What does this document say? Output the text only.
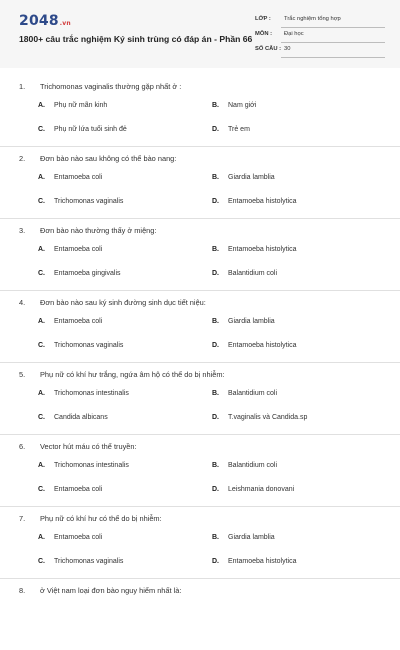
2048.vn
1800+ câu trắc nghiệm Ký sinh trùng có đáp án - Phần 66
LỚP : Trắc nghiệm tổng hợp
MÔN : Đại học
SỐ CÂU : 30
1. Trichomonas vaginalis thường gặp nhất ở :
A. Phụ nữ mãn kinh	B. Nam giới
C. Phụ nữ lứa tuổi sinh đẻ	D. Trẻ em
2. Đơn bào nào sau không có thể bào nang:
A. Entamoeba coli	B. Giardia lamblia
C. Trichomonas vaginalis	D. Entamoeba histolytica
3. Đơn bào nào thường thấy ở miệng:
A. Entamoeba coli	B. Entamoeba histolytica
C. Entamoeba gingivalis	D. Balantidium coli
4. Đơn bào nào sau ký sinh đường sinh dục tiết niệu:
A. Entamoeba coli	B. Giardia lamblia
C. Trichomonas vaginalis	D. Entamoeba histolytica
5. Phụ nữ có khí hư trắng, ngứa âm hộ có thể do bị nhiễm:
A. Trichomonas intestinalis	B. Balantidium coli
C. Candida albicans	D. T.vaginalis và Candida.sp
6. Vector hút máu có thể truyền:
A. Trichomonas intestinalis	B. Balantidium coli
C. Entamoeba coli	D. Leishmania donovani
7. Phụ nữ có khí hư có thể do bị nhiễm:
A. Entamoeba coli	B. Giardia lamblia
C. Trichomonas vaginalis	D. Entamoeba histolytica
8. ở Việt nam loại đơn bào nguy hiểm nhất là:
